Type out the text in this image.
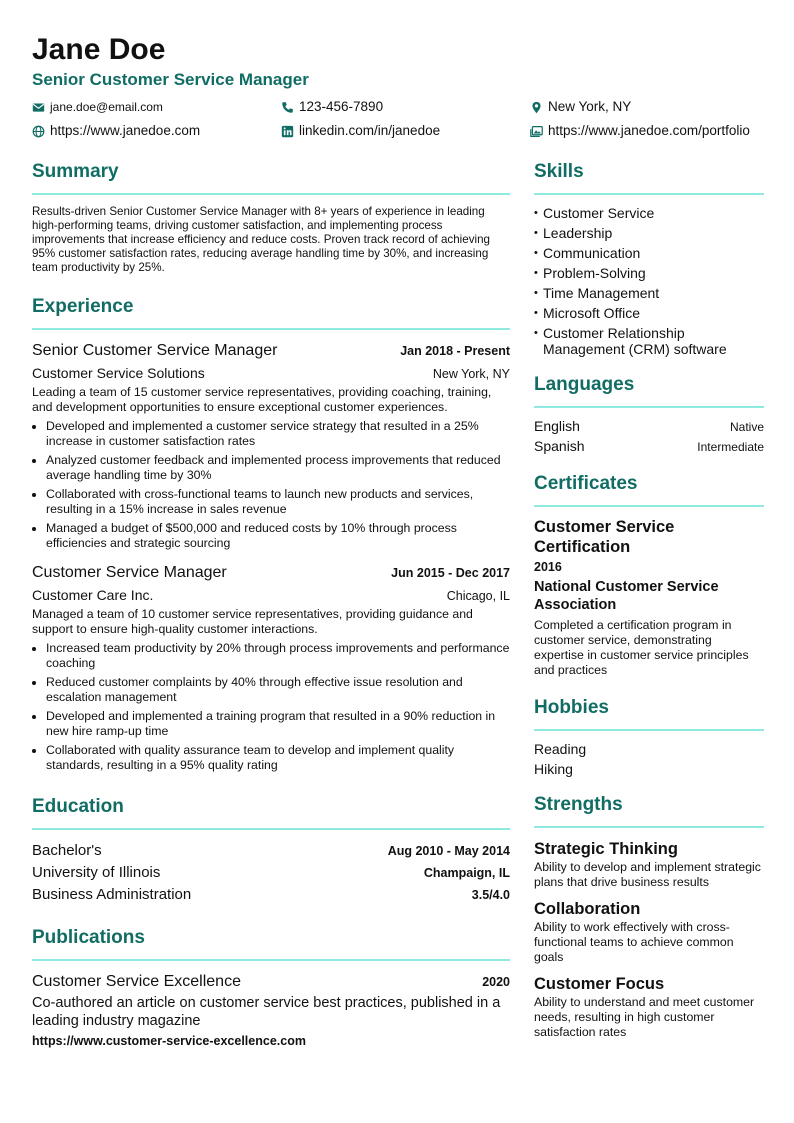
Jane Doe
Senior Customer Service Manager
jane.doe@email.com	123-456-7890	New York, NY
https://www.janedoe.com	linkedin.com/in/janedoe	https://www.janedoe.com/portfolio
Summary

Results-driven Senior Customer Service Manager with 8+ years of experience in leading high-performing teams, driving customer satisfaction, and implementing process improvements that increase efficiency and reduce costs. Proven track record of achieving 95% customer satisfaction rates, reducing average handling time by 30%, and increasing team productivity by 25%.

Experience
Senior Customer Service Manager	Jan 2018 - Present
Customer Service Solutions	New York, NY
Leading a team of 15 customer service representatives, providing coaching, training, and development opportunities to ensure exceptional customer experiences.
• Developed and implemented a customer service strategy that resulted in a 25% increase in customer satisfaction rates
• Analyzed customer feedback and implemented process improvements that reduced average handling time by 30%
• Collaborated with cross-functional teams to launch new products and services, resulting in a 15% increase in sales revenue
• Managed a budget of $500,000 and reduced costs by 10% through process efficiencies and strategic sourcing
Customer Service Manager	Jun 2015 - Dec 2017
Customer Care Inc.	Chicago, IL
Managed a team of 10 customer service representatives, providing guidance and support to ensure high-quality customer interactions.
• Increased team productivity by 20% through process improvements and performance coaching
• Reduced customer complaints by 40% through effective issue resolution and escalation management
• Developed and implemented a training program that resulted in a 90% reduction in new hire ramp-up time
• Collaborated with quality assurance team to develop and implement quality standards, resulting in a 95% quality rating
Education
Bachelor's	Aug 2010 - May 2014
University of Illinois	Champaign, IL
Business Administration	3.5/4.0
Publications
Customer Service Excellence	2020
Co-authored an article on customer service best practices, published in a leading industry magazine
https://www.customer-service-excellence.com
Skills
• Customer Service
• Leadership
• Communication
• Problem-Solving
• Time Management
• Microsoft Office
• Customer Relationship Management (CRM) software
Languages
English	Native
Spanish	Intermediate
Certificates
Customer Service Certification
2016
National Customer Service Association
Completed a certification program in customer service, demonstrating expertise in customer service principles and practices
Hobbies
Reading
Hiking
Strengths
Strategic Thinking
Ability to develop and implement strategic plans that drive business results
Collaboration
Ability to work effectively with cross-functional teams to achieve common goals
Customer Focus
Ability to understand and meet customer needs, resulting in high customer satisfaction rates
